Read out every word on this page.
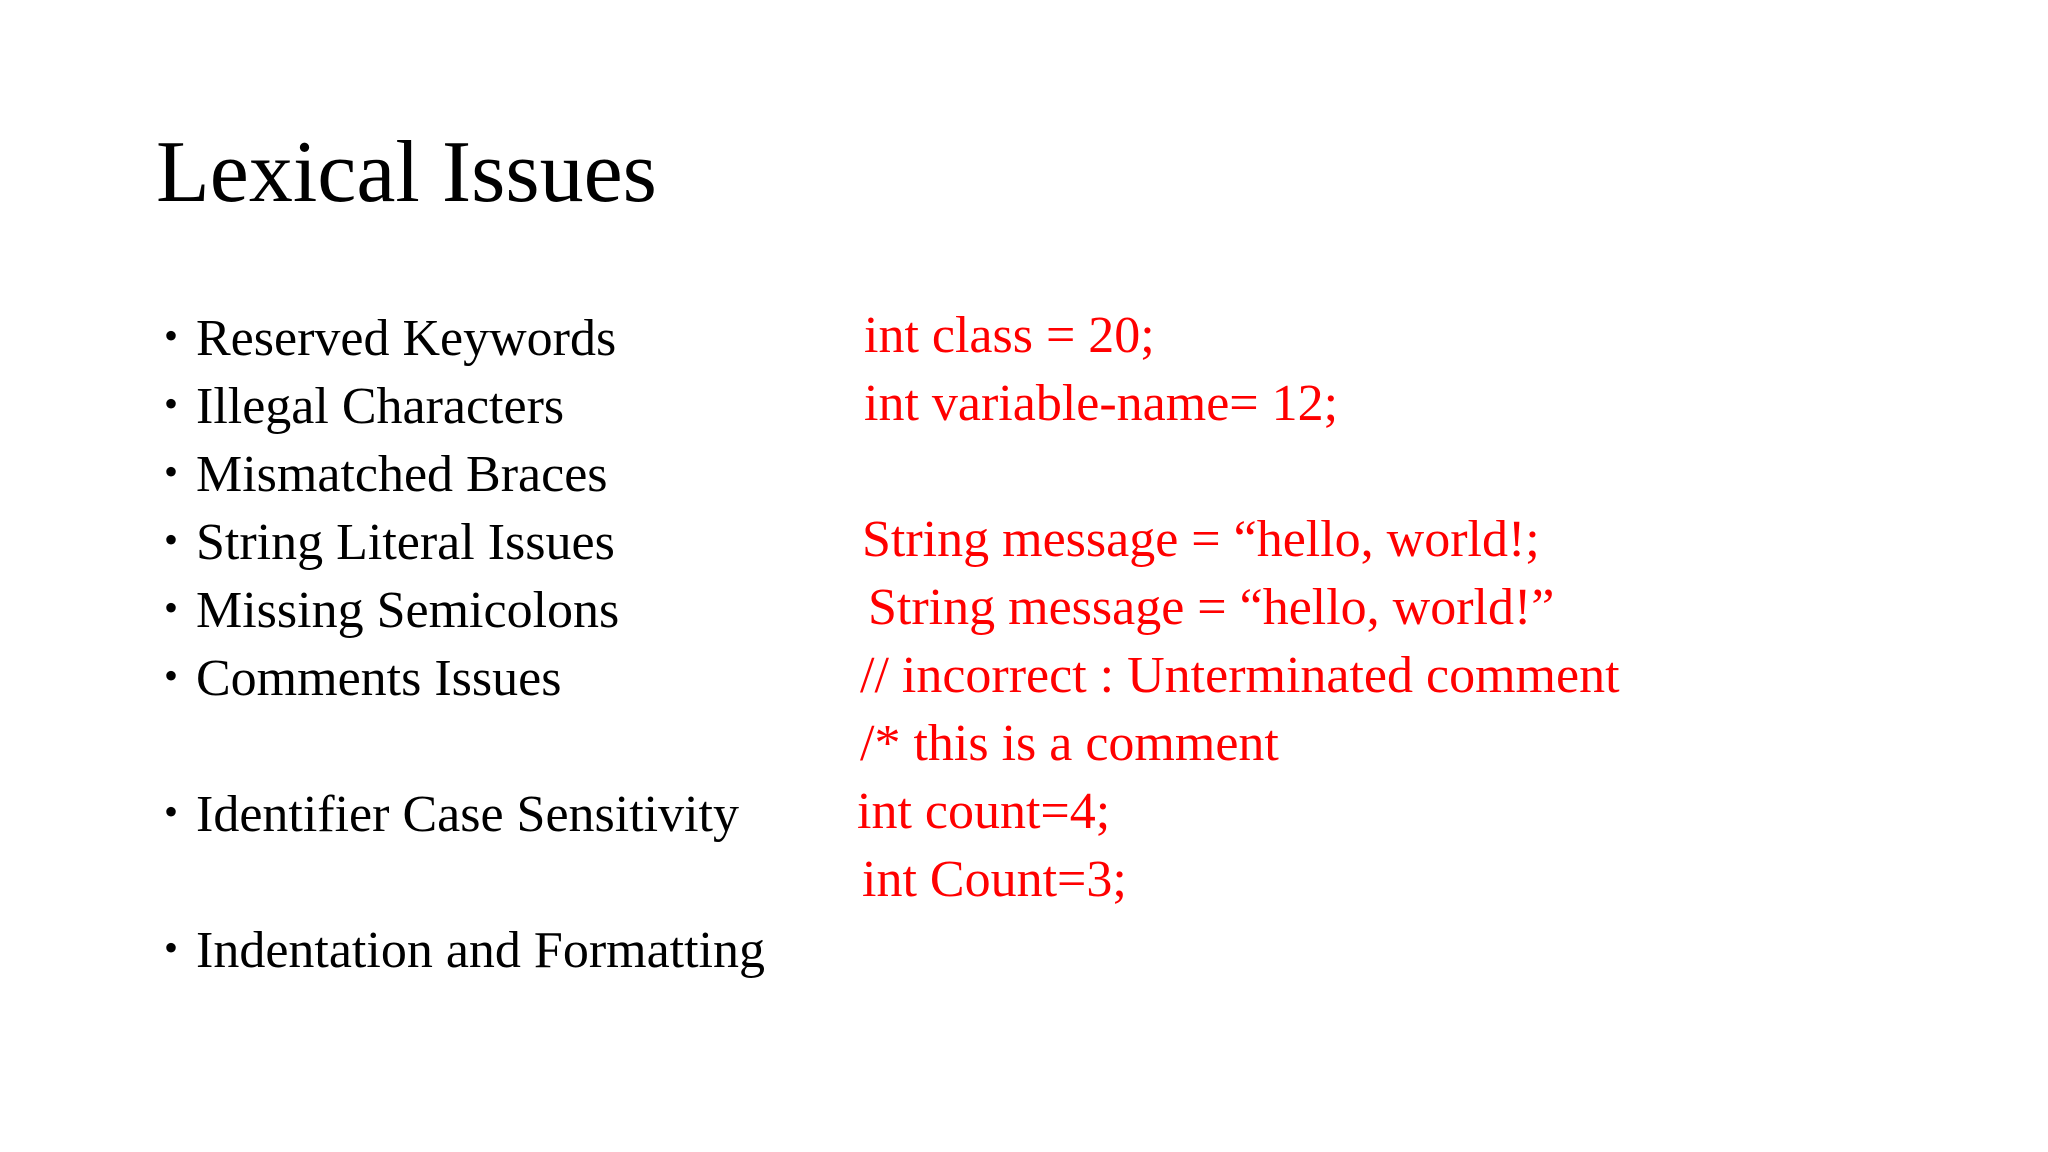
Lexical Issues
• Reserved Keywords
• Illegal Characters
• Mismatched Braces
• String Literal Issues
• Missing Semicolons
• Comments Issues
• Identifier Case Sensitivity
• Indentation and Formatting
int class = 20;
int variable-name= 12;
String message = “hello, world!;
String message = “hello, world!”
// incorrect : Unterminated comment
/* this is a comment
int count=4;
int Count=3;
